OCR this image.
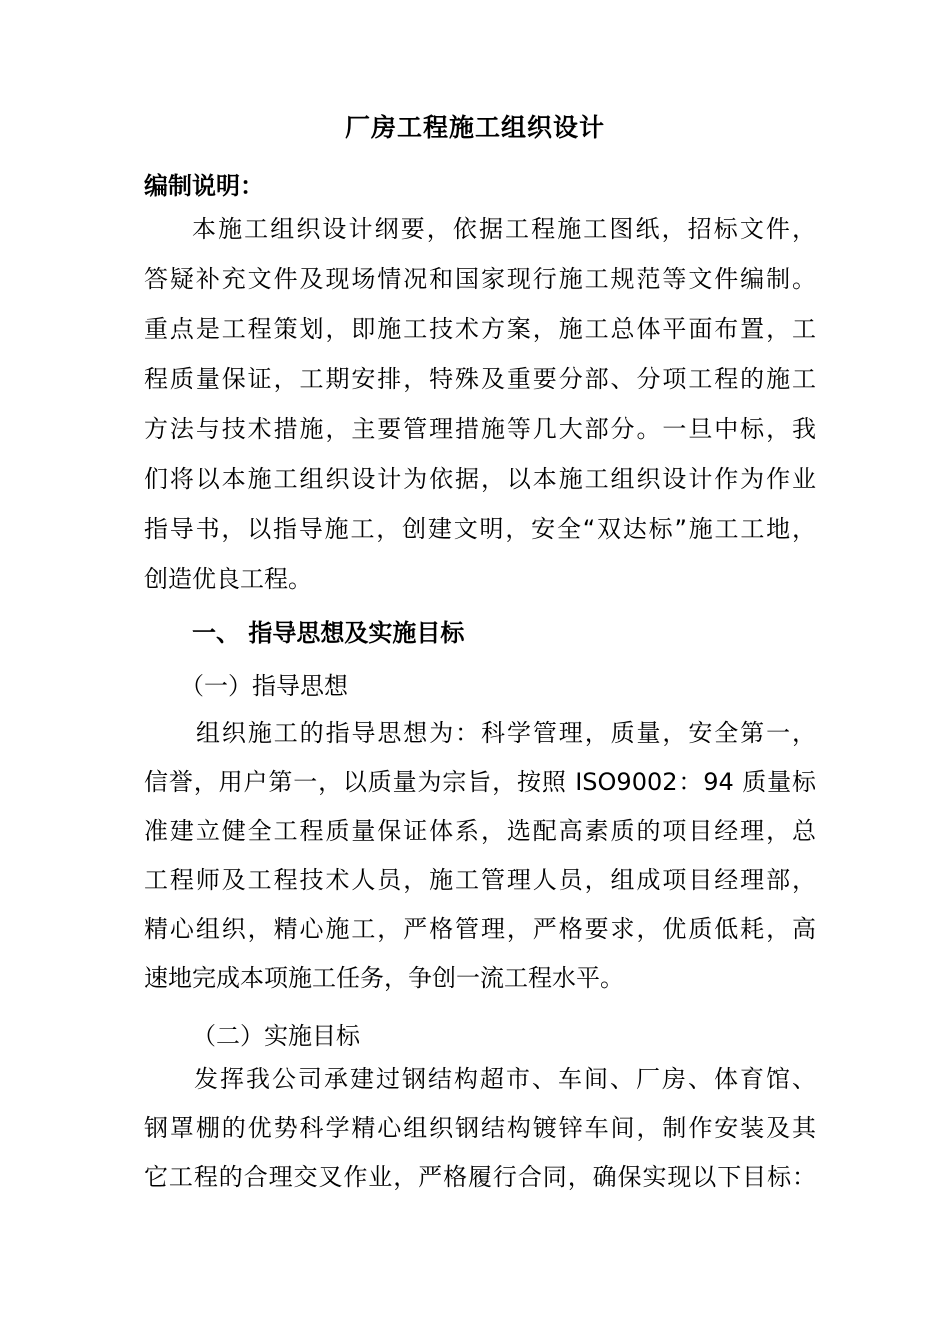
厂房工程施工组织设计
编制说明：
本施工组织设计纲要，依据工程施工图纸，招标文件，
答疑补充文件及现场情况和国家现行施工规范等文件编制。
重点是工程策划，即施工技术方案，施工总体平面布置，工
程质量保证，工期安排，特殊及重要分部、分项工程的施工
方法与技术措施，主要管理措施等几大部分。一旦中标，我
们将以本施工组织设计为依据，以本施工组织设计作为作业
指导书，以指导施工，创建文明，安全“双达标”施工工地，
创造优良工程。
一、 指导思想及实施目标
（一）指导思想
组织施工的指导思想为：科学管理，质量，安全第一，
信誉，用户第一，以质量为宗旨，按照 ISO9002：94 质量标
准建立健全工程质量保证体系，选配高素质的项目经理，总
工程师及工程技术人员，施工管理人员，组成项目经理部，
精心组织，精心施工，严格管理，严格要求，优质低耗，高
速地完成本项施工任务，争创一流工程水平。
（二）实施目标
发挥我公司承建过钢结构超市、车间、厂房、体育馆、
钢罩棚的优势科学精心组织钢结构镀锌车间，制作安装及其
它工程的合理交叉作业，严格履行合同，确保实现以下目标：
